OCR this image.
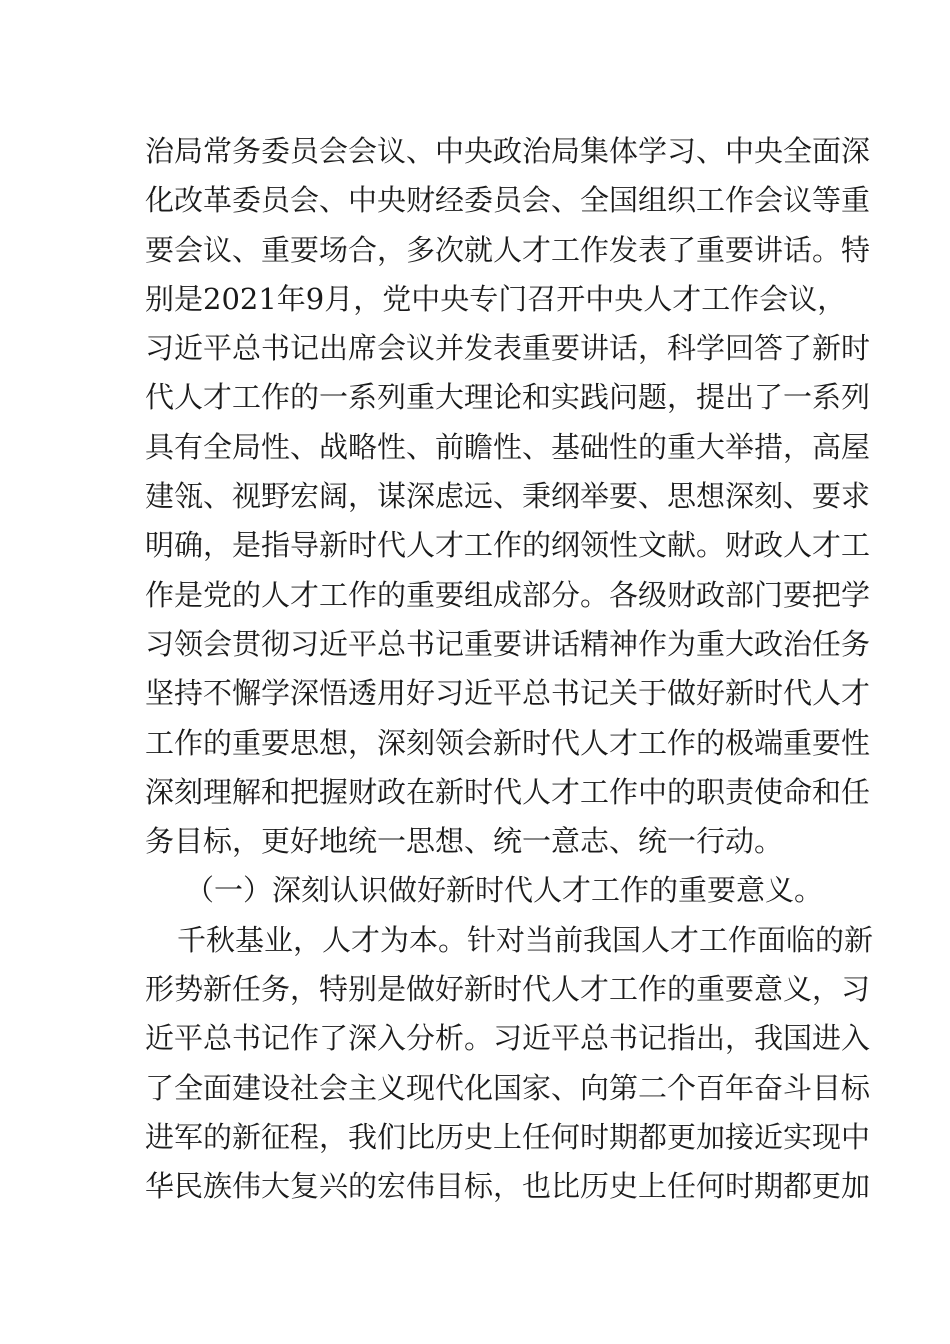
治局常务委员会会议、中央政治局集体学习、中央全面深
化改革委员会、中央财经委员会、全国组织工作会议等重
要会议、重要场合，多次就人才工作发表了重要讲话。特
别是2021年9月，党中央专门召开中央人才工作会议，
习近平总书记出席会议并发表重要讲话，科学回答了新时
代人才工作的一系列重大理论和实践问题，提出了一系列
具有全局性、战略性、前瞻性、基础性的重大举措，高屋
建瓴、视野宏阔，谋深虑远、秉纲举要、思想深刻、要求
明确，是指导新时代人才工作的纲领性文献。财政人才工
作是党的人才工作的重要组成部分。各级财政部门要把学
习领会贯彻习近平总书记重要讲话精神作为重大政治任务
坚持不懈学深悟透用好习近平总书记关于做好新时代人才
工作的重要思想，深刻领会新时代人才工作的极端重要性
深刻理解和把握财政在新时代人才工作中的职责使命和任
务目标，更好地统一思想、统一意志、统一行动。
（一）深刻认识做好新时代人才工作的重要意义。
千秋基业，人才为本。针对当前我国人才工作面临的新
形势新任务，特别是做好新时代人才工作的重要意义，习
近平总书记作了深入分析。习近平总书记指出，我国进入
了全面建设社会主义现代化国家、向第二个百年奋斗目标
进军的新征程，我们比历史上任何时期都更加接近实现中
华民族伟大复兴的宏伟目标，也比历史上任何时期都更加
